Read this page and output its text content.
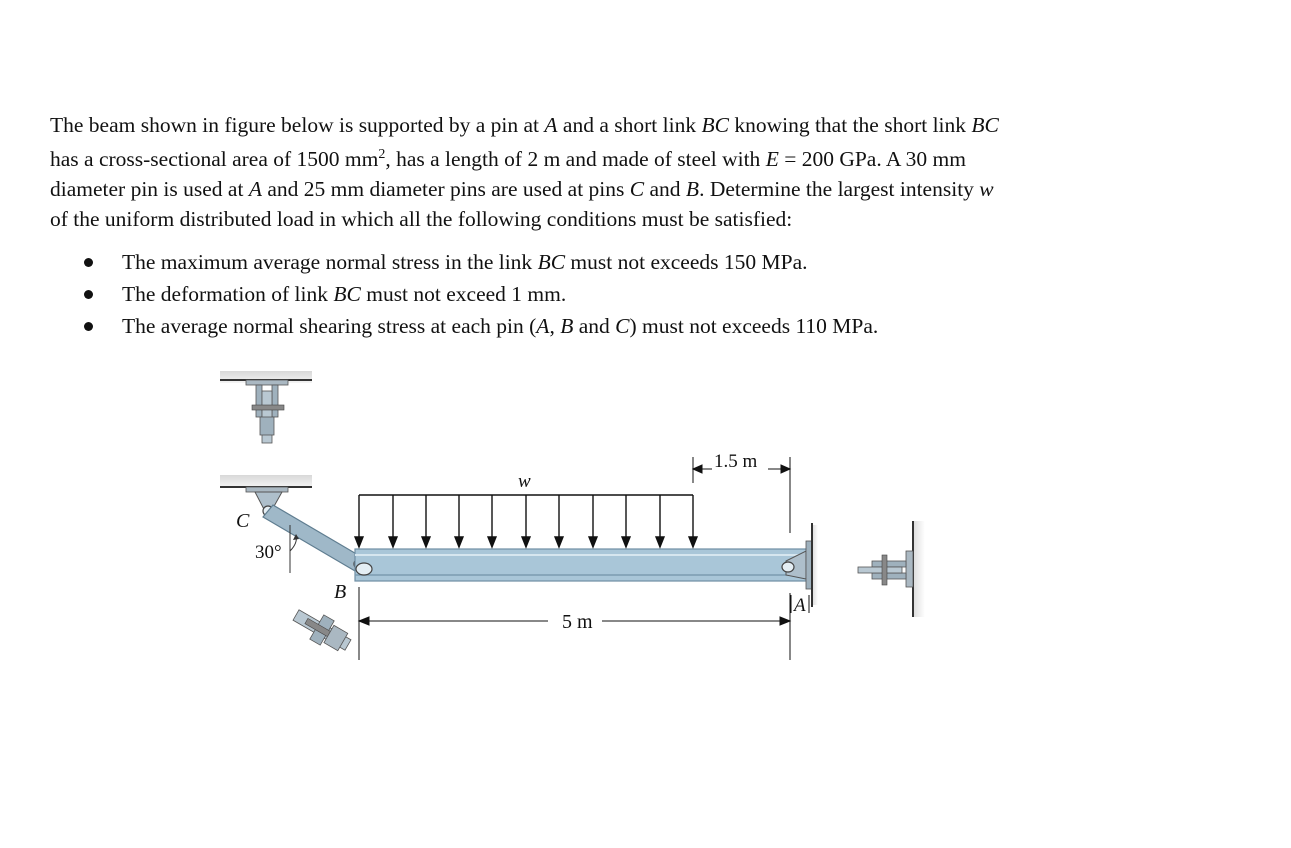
The beam shown in figure below is supported by a pin at A and a short link BC knowing that the short link BC
has a cross-sectional area of 1500 $mm^2$, has a length of 2 m and made of steel with E = 200 GPa. A 30 mm
diameter pin is used at A and 25 mm diameter pins are used at pins C and B. Determine the largest intensity w
of the uniform distributed load in which all the following conditions must be satisfied:

The maximum average normal stress in the link BC must not exceeds 150 MPa.
The deformation of link BC must not exceed 1 mm.
The average normal shearing stress at each pin (A, B and C) must not exceeds 110 MPa.
30°
C
w
1.5 m
5 m
B
A
